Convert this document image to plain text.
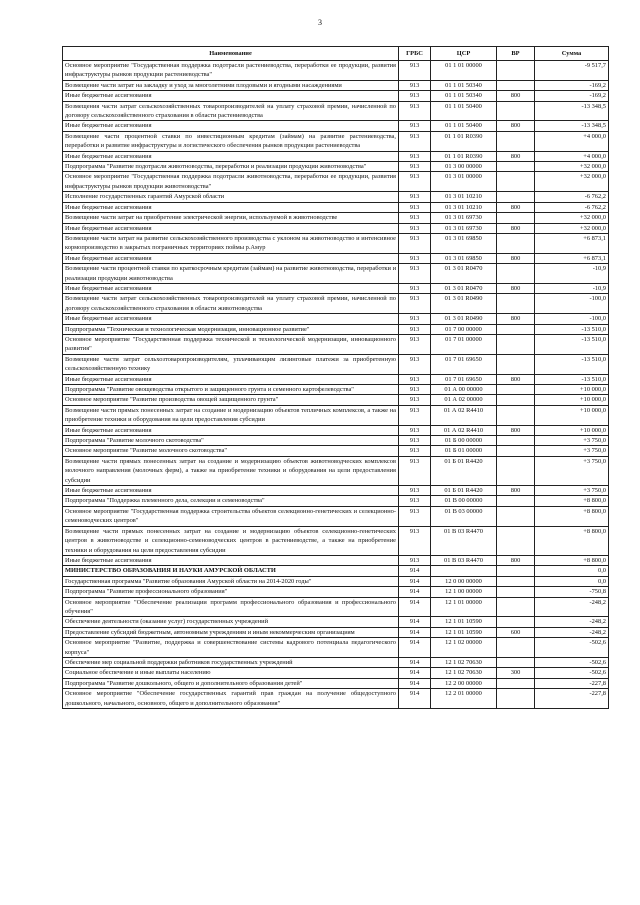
3
Наименование	ГРБС	ЦСР	ВР	Сумма
Основное мероприятие "Государственная поддержка подотрасли растениеводства, переработки ее продукции, развития инфраструктуры рынков продукции растениеводства"	913	01 1 01 00000		-9 517,7
Возмещение части затрат на закладку и уход за многолетними плодовыми и ягодными насаждениями	913	01 1 01 50340		-169,2
Иные бюджетные ассигнования	913	01 1 01 50340	800	-169,2
Возмещения части затрат сельскохозяйственных товаропроизводителей на уплату страховой премии, начисленной по договору сельскохозяйственного страхования в области растениеводства	913	01 1 01 50400		-13 348,5
Иные бюджетные ассигнования	913	01 1 01 50400	800	-13 348,5
Возмещение части процентной ставки по инвестиционным кредитам (займам) на развитие растениеводства, переработки и развитие инфраструктуры и логистического обеспечения рынков продукции растениеводства	913	01 1 01 R0390		+4 000,0
Иные бюджетные ассигнования	913	01 1 01 R0390	800	+4 000,0
Подпрограмма "Развитие подотрасли животноводства, переработки и реализации продукции животноводства"	913	01 3 00 00000		+32 000,0
Основное мероприятие "Государственная поддержка подотрасли животноводства, переработки ее продукции, развития инфраструктуры рынков продукции животноводства"	913	01 3 01 00000		+32 000,0
Исполнение государственных гарантий Амурской области	913	01 3 01 10210		-6 762,2
Иные бюджетные ассигнования	913	01 3 01 10210	800	-6 762,2
Возмещение части затрат на приобретение электрической энергии, используемой в животноводстве	913	01 3 01 69730		+32 000,0
Иные бюджетные ассигнования	913	01 3 01 69730	800	+32 000,0
Возмещение части затрат на развитие сельскохозяйственного производства с уклоном на животноводство и интенсивное кормопроизводство в закрытых пограничных территориях поймы р.Амур	913	01 3 01 69850		+6 873,1
Иные бюджетные ассигнования	913	01 3 01 69850	800	+6 873,1
Возмещение части процентной ставки по краткосрочным кредитам (займам) на развитие животноводства, переработки и реализации продукции животноводства	913	01 3 01 R0470		-10,9
Иные бюджетные ассигнования	913	01 3 01 R0470	800	-10,9
Возмещение части затрат сельскохозяйственных товаропроизводителей на уплату страховой премии, начисленной по договору сельскохозяйственного страхования в области животноводства	913	01 3 01 R0490		-100,0
Иные бюджетные ассигнования	913	01 3 01 R0490	800	-100,0
Подпрограмма "Техническая и технологическая модернизация, инновационное развитие"	913	01 7 00 00000		-13 510,0
Основное мероприятие "Государственная поддержка технической и технологической модернизации, инновационного развития"	913	01 7 01 00000		-13 510,0
Возмещение части затрат сельхозтоваропроизводителям, уплачивающим лизинговые платежи за приобретенную сельскохозяйственную технику	913	01 7 01 69650		-13 510,0
Иные бюджетные ассигнования	913	01 7 01 69650	800	-13 510,0
Подпрограмма "Развитие овощеводства открытого и защищенного грунта и семенного картофелеводства"	913	01 А 00 00000		+10 000,0
Основное мероприятие "Развитие производства овощей защищенного грунта"	913	01 А 02 00000		+10 000,0
Возмещение части прямых понесенных затрат на создание и модернизацию объектов тепличных комплексов, а также на приобретение техники и оборудования на цели предоставления субсидии	913	01 А 02 R4410		+10 000,0
Иные бюджетные ассигнования	913	01 А 02 R4410	800	+10 000,0
Подпрограмма "Развитие молочного скотоводства"	913	01 Б 00 00000		+3 750,0
Основное мероприятие "Развитие молочного скотоводства"	913	01 Б 01 00000		+3 750,0
Возмещение части прямых понесенных затрат на создание и модернизацию объектов животноводческих комплексов молочного направления (молочных ферм), а также на приобретение техники и оборудования на цели предоставления субсидии	913	01 Б 01 R4420		+3 750,0
Иные бюджетные ассигнования	913	01 Б 01 R4420	800	+3 750,0
Подпрограмма "Поддержка племенного дела, селекции и семеноводства"	913	01 В 00 00000		+8 800,0
Основное мероприятие "Государственная поддержка строительства объектов селекционно-генетических и селекционно-семеноводческих центров"	913	01 В 03 00000		+8 800,0
Возмещение части прямых понесенных затрат на создание и модернизацию объектов селекционно-генетических центров в животноводстве и селекционно-семеноводческих центров в растениеводстве, а также на приобретение техники и оборудования на цели предоставления субсидии	913	01 В 03 R4470		+8 800,0
Иные бюджетные ассигнования	913	01 В 03 R4470	800	+8 800,0
МИНИСТЕРСТВО ОБРАЗОВАНИЯ И НАУКИ АМУРСКОЙ ОБЛАСТИ	914			0,0
Государственная программа "Развитие образования Амурской области на 2014-2020 годы"	914	12 0 00 00000		0,0
Подпрограмма "Развитие профессионального образования"	914	12 1 00 00000		-750,8
Основное мероприятие "Обеспечение реализации программ профессионального образования и профессионального обучения"	914	12 1 01 00000		-248,2
Обеспечение деятельности (оказание услуг) государственных учреждений	914	12 1 01 10590		-248,2
Предоставление субсидий бюджетным, автономным учреждениям и иным некоммерческим организациям	914	12 1 01 10590	600	-248,2
Основное мероприятие "Развитие, поддержка и совершенствование системы кадрового потенциала педагогического корпуса"	914	12 1 02 00000		-502,6
Обеспечение мер социальной поддержки работников государственных учреждений	914	12 1 02 70630		-502,6
Социальное обеспечение и иные выплаты населению	914	12 1 02 70630	300	-502,6
Подпрограмма "Развитие дошкольного, общего и дополнительного образования детей"	914	12 2 00 00000		-227,8
Основное мероприятие "Обеспечение государственных гарантий прав граждан на получение общедоступного дошкольного, начального, основного, общего и дополнительного образования"	914	12 2 01 00000		-227,8
